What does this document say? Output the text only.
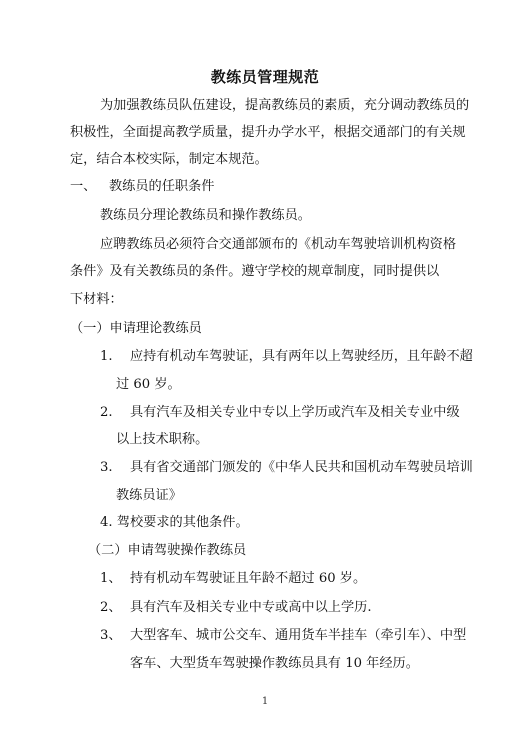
教练员管理规范
为加强教练员队伍建设，提高教练员的素质，充分调动教练员的
积极性，全面提高教学质量，提升办学水平，根据交通部门的有关规
定，结合本校实际，制定本规范。
一、   教练员的任职条件
教练员分理论教练员和操作教练员。
应聘教练员必须符合交通部颁布的《机动车驾驶培训机构资格
条件》及有关教练员的条件。遵守学校的规章制度，同时提供以
下材料：
（一）申请理论教练员
1. 应持有机动车驾驶证，具有两年以上驾驶经历，且年龄不超
过 60 岁。
2. 具有汽车及相关专业中专以上学历或汽车及相关专业中级
以上技术职称。
3. 具有省交通部门颁发的《中华人民共和国机动车驾驶员培训
教练员证》
4. 驾校要求的其他条件。
（二）申请驾驶操作教练员
1、 持有机动车驾驶证且年龄不超过 60 岁。
2、 具有汽车及相关专业中专或高中以上学历.
3、 大型客车、城市公交车、通用货车半挂车（牵引车）、中型
客车、大型货车驾驶操作教练员具有 10 年经历。
1
